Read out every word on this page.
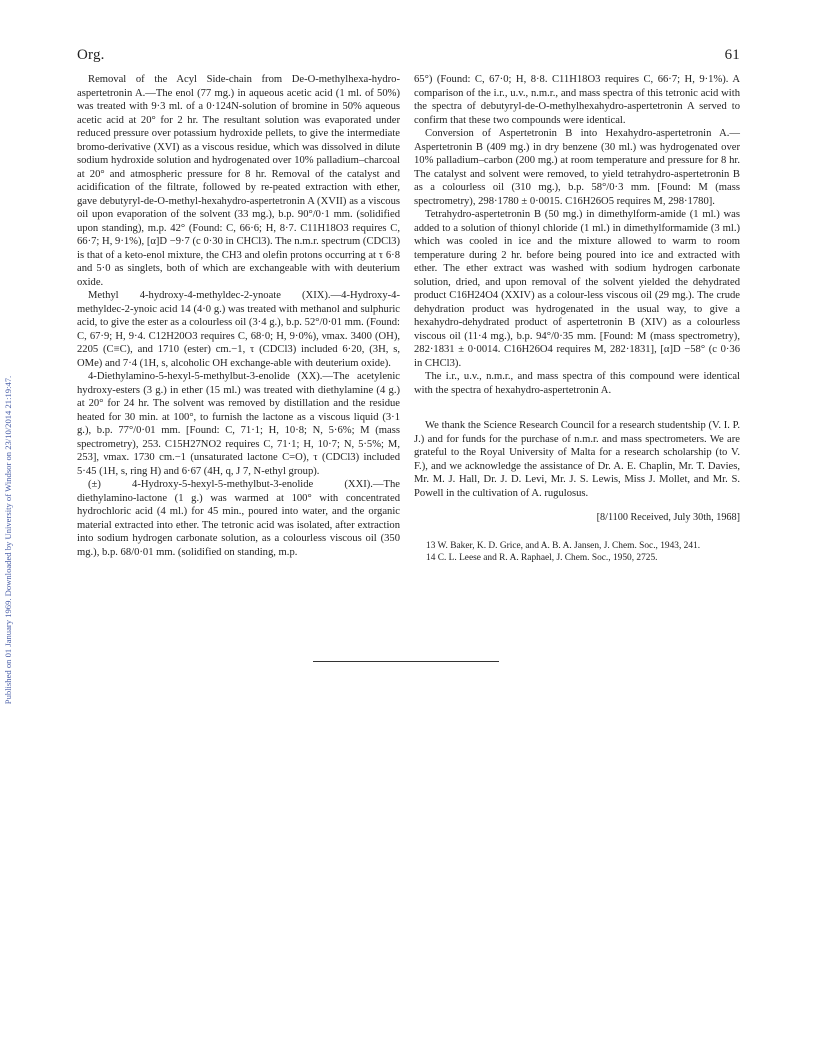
Published on 01 January 1969. Downloaded by University of Windsor on 23/10/2014 21:19:47.
Org.	61

Removal of the Acyl Side-chain from De-O-methylhexa-hydro-aspertetronin A.—The enol (77 mg.) in aqueous acetic acid (1 ml. of 50%) was treated with 9·3 ml. of a 0·124N-solution of bromine in 50% aqueous acetic acid at 20° for 2 hr. The resultant solution was evaporated under reduced pressure over potassium hydroxide pellets, to give the intermediate bromo-derivative (XVI) as a viscous residue, which was dissolved in dilute sodium hydroxide solution and hydrogenated over 10% palladium–charcoal at 20° and atmospheric pressure for 8 hr. Removal of the catalyst and acidification of the filtrate, followed by re-peated extraction with ether, gave debutyryl-de-O-methyl-hexahydro-aspertetronin A (XVII) as a viscous oil upon evaporation of the solvent (33 mg.), b.p. 90°/0·1 mm. (solidified upon standing), m.p. 42° (Found: C, 66·6; H, 8·7. C11H18O3 requires C, 66·7; H, 9·1%), [α]D −9·7 (c 0·30 in CHCl3). The n.m.r. spectrum (CDCl3) is that of a keto-enol mixture, the CH3 and olefin protons occurring at τ 6·8 and 5·0 as singlets, both of which are exchangeable with with deuterium oxide.

Methyl 4-hydroxy-4-methyldec-2-ynoate (XIX).—4-Hydroxy-4-methyldec-2-ynoic acid 14 (4·0 g.) was treated with methanol and sulphuric acid, to give the ester as a colourless oil (3·4 g.), b.p. 52°/0·01 mm. (Found: C, 67·9; H, 9·4. C12H20O3 requires C, 68·0; H, 9·0%), νmax. 3400 (OH), 2205 (C≡C), and 1710 (ester) cm.−1, τ (CDCl3) included 6·20, (3H, s, OMe) and 7·4 (1H, s, alcoholic OH exchange-able with deuterium oxide).

4-Diethylamino-5-hexyl-5-methylbut-3-enolide (XX).—The acetylenic hydroxy-esters (3 g.) in ether (15 ml.) was treated with diethylamine (4 g.) at 20° for 24 hr. The solvent was removed by distillation and the residue heated for 30 min. at 100°, to furnish the lactone as a viscous liquid (3·1 g.), b.p. 77°/0·01 mm. [Found: C, 71·1; H, 10·8; N, 5·6%; M (mass spectrometry), 253. C15H27NO2 requires C, 71·1; H, 10·7; N, 5·5%; M, 253], νmax. 1730 cm.−1 (unsaturated lactone C=O), τ (CDCl3) included 5·45 (1H, s, ring H) and 6·67 (4H, q, J 7, N-ethyl group).

(±) 4-Hydroxy-5-hexyl-5-methylbut-3-enolide (XXI).—The diethylamino-lactone (1 g.) was warmed at 100° with concentrated hydrochloric acid (4 ml.) for 45 min., poured into water, and the organic material extracted into ether. The tetronic acid was isolated, after extraction into sodium hydrogen carbonate solution, as a colourless viscous oil (350 mg.), b.p. 68/0·01 mm. (solidified on standing, m.p.

65°) (Found: C, 67·0; H, 8·8. C11H18O3 requires C, 66·7; H, 9·1%). A comparison of the i.r., u.v., n.m.r., and mass spectra of this tetronic acid with the spectra of debutyryl-de-O-methylhexahydro-aspertetronin A served to confirm that these two compounds were identical.

Conversion of Aspertetronin B into Hexahydro-aspertetronin A.—Aspertetronin B (409 mg.) in dry benzene (30 ml.) was hydrogenated over 10% palladium–carbon (200 mg.) at room temperature and pressure for 8 hr. The catalyst and solvent were removed, to yield tetrahydro-aspertetronin B as a colourless oil (310 mg.), b.p. 58°/0·3 mm. [Found: M (mass spectrometry), 298·1780 ± 0·0015. C16H26O5 requires M, 298·1780].

Tetrahydro-aspertetronin B (50 mg.) in dimethylform-amide (1 ml.) was added to a solution of thionyl chloride (1 ml.) in dimethylformamide (3 ml.) which was cooled in ice and the mixture allowed to warm to room temperature during 2 hr. before being poured into ice and extracted with ether. The ether extract was washed with sodium hydrogen carbonate solution, dried, and upon removal of the solvent yielded the dehydrated product C16H24O4 (XXIV) as a colour-less viscous oil (29 mg.). The crude dehydration product was hydrogenated in the usual way, to give a hexahydro-dehydrated product of aspertetronin B (XIV) as a colourless viscous oil (11·4 mg.), b.p. 94°/0·35 mm. [Found: M (mass spectrometry), 282·1831 ± 0·0014. C16H26O4 requires M, 282·1831], [α]D −58° (c 0·36 in CHCl3).

The i.r., u.v., n.m.r., and mass spectra of this compound were identical with the spectra of hexahydro-aspertetronin A.

We thank the Science Research Council for a research studentship (V. I. P. J.) and for funds for the purchase of n.m.r. and mass spectrometers. We are grateful to the Royal University of Malta for a research scholarship (to V. F.), and we acknowledge the assistance of Dr. A. E. Chaplin, Mr. T. Davies, Mr. M. J. Hall, Dr. J. D. Levi, Mr. J. S. Lewis, Miss J. Mollet, and Mr. S. Powell in the cultivation of A. rugulosus.

[8/1100 Received, July 30th, 1968]

13 W. Baker, K. D. Grice, and A. B. A. Jansen, J. Chem. Soc., 1943, 241.

14 C. L. Leese and R. A. Raphael, J. Chem. Soc., 1950, 2725.
